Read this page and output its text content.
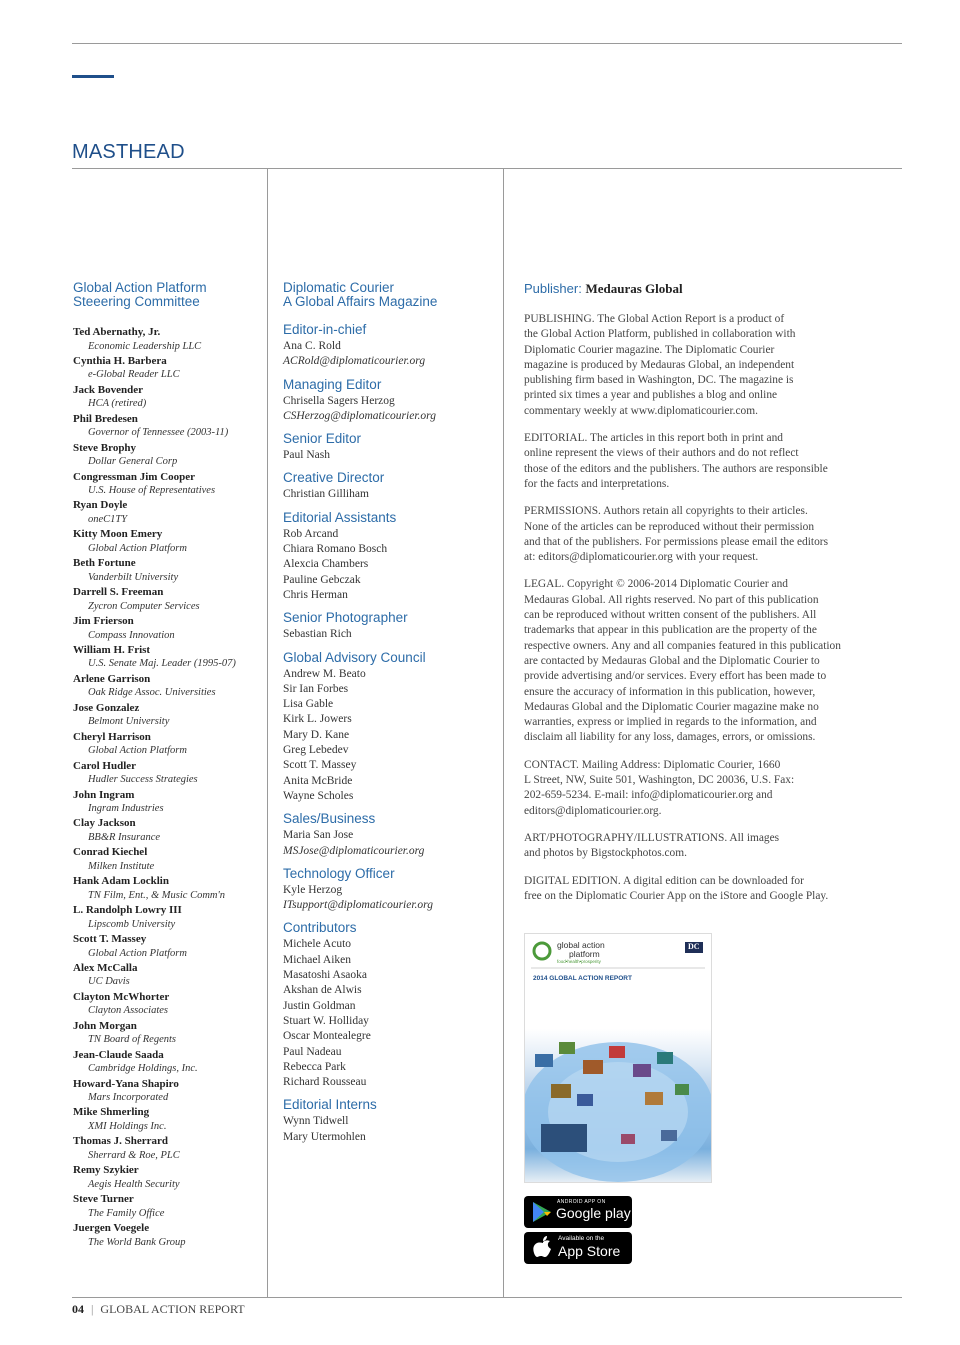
MASTHEAD
Global Action Platform
Steeering Committee
Ted Abernathy, Jr.
Economic Leadership LLC
Cynthia H. Barbera
e-Global Reader LLC
Jack Bovender
HCA (retired)
Phil Bredesen
Governor of Tennessee (2003-11)
Steve Brophy
Dollar General Corp
Congressman Jim Cooper
U.S. House of Representatives
Ryan Doyle
oneC1TY
Kitty Moon Emery
Global Action Platform
Beth Fortune
Vanderbilt University
Darrell S. Freeman
Zycron Computer Services
Jim Frierson
Compass Innovation
William H. Frist
U.S. Senate Maj. Leader (1995-07)
Arlene Garrison
Oak Ridge Assoc. Universities
Jose Gonzalez
Belmont University
Cheryl Harrison
Global Action Platform
Carol Hudler
Hudler Success Strategies
John Ingram
Ingram Industries
Clay Jackson
BB&R Insurance
Conrad Kiechel
Milken Institute
Hank Adam Locklin
TN Film, Ent., & Music Comm'n
L. Randolph Lowry III
Lipscomb University
Scott T. Massey
Global Action Platform
Alex McCalla
UC Davis
Clayton McWhorter
Clayton Associates
John Morgan
TN Board of Regents
Jean-Claude Saada
Cambridge Holdings, Inc.
Howard-Yana Shapiro
Mars Incorporated
Mike Shmerling
XMI Holdings Inc.
Thomas J. Sherrard
Sherrard & Roe, PLC
Remy Szykier
Aegis Health Security
Steve Turner
The Family Office
Juergen Voegele
The World Bank Group
Diplomatic Courier
A Global Affairs Magazine
Editor-in-chief
Ana C. Rold
ACRold@diplomaticourier.org
Managing Editor
Chrisella Sagers Herzog
CSHerzog@diplomaticourier.org
Senior Editor
Paul Nash
Creative Director
Christian Gilliham
Editorial Assistants
Rob Arcand
Chiara Romano Bosch
Alexcia Chambers
Pauline Gebczak
Chris Herman
Senior Photographer
Sebastian Rich
Global Advisory Council
Andrew M. Beato
Sir Ian Forbes
Lisa Gable
Kirk L. Jowers
Mary D. Kane
Greg Lebedev
Scott T. Massey
Anita McBride
Wayne Scholes
Sales/Business
Maria San Jose
MSJose@diplomaticourier.org
Technology Officer
Kyle Herzog
ITsupport@diplomaticourier.org
Contributors
Michele Acuto
Michael Aiken
Masatoshi Asaoka
Akshan de Alwis
Justin Goldman
Stuart W. Holliday
Oscar Montealegre
Paul Nadeau
Rebecca Park
Richard Rousseau
Editorial Interns
Wynn Tidwell
Mary Utermohlen
Publisher: Medauras Global
PUBLISHING. The Global Action Report is a product of
the Global Action Platform, published in collaboration with
Diplomatic Courier magazine. The Diplomatic Courier
magazine is produced by Medauras Global, an independent
publishing firm based in Washington, DC. The magazine is
printed six times a year and publishes a blog and online
commentary weekly at www.diplomaticourier.com.
EDITORIAL. The articles in this report both in print and
online represent the views of their authors and do not reflect
those of the editors and the publishers. The authors are responsible
for the facts and interpretations.
PERMISSIONS. Authors retain all copyrights to their articles.
None of the articles can be reproduced without their permission
and that of the publishers. For permissions please email the editors
at: editors@diplomaticourier.org with your request.
LEGAL. Copyright © 2006-2014 Diplomatic Courier and
Medauras Global. All rights reserved. No part of this publication
can be reproduced without written consent of the publishers. All
trademarks that appear in this publication are the property of the
respective owners. Any and all companies featured in this publication
are contacted by Medauras Global and the Diplomatic Courier to
provide advertising and/or services. Every effort has been made to
ensure the accuracy of information in this publication, however,
Medauras Global and the Diplomatic Courier magazine make no
warranties, express or implied in regards to the information, and
disclaim all liability for any loss, damages, errors, or omissions.
CONTACT. Mailing Address: Diplomatic Courier, 1660
L Street, NW, Suite 501, Washington, DC 20036, U.S. Fax:
202-659-5234. E-mail: info@diplomaticourier.org and
editors@diplomaticourier.org.
ART/PHOTOGRAPHY/ILLUSTRATIONS. All images
and photos by Bigstockphotos.com.
DIGITAL EDITION. A digital edition can be downloaded for
free on the Diplomatic Courier App on the iStore and Google Play.
global action
platform
food•health•prosperity
DC
2014 GLOBAL ACTION REPORT
ANDROID APP ON
Google play
Available on the
App Store
04 | GLOBAL ACTION REPORT
